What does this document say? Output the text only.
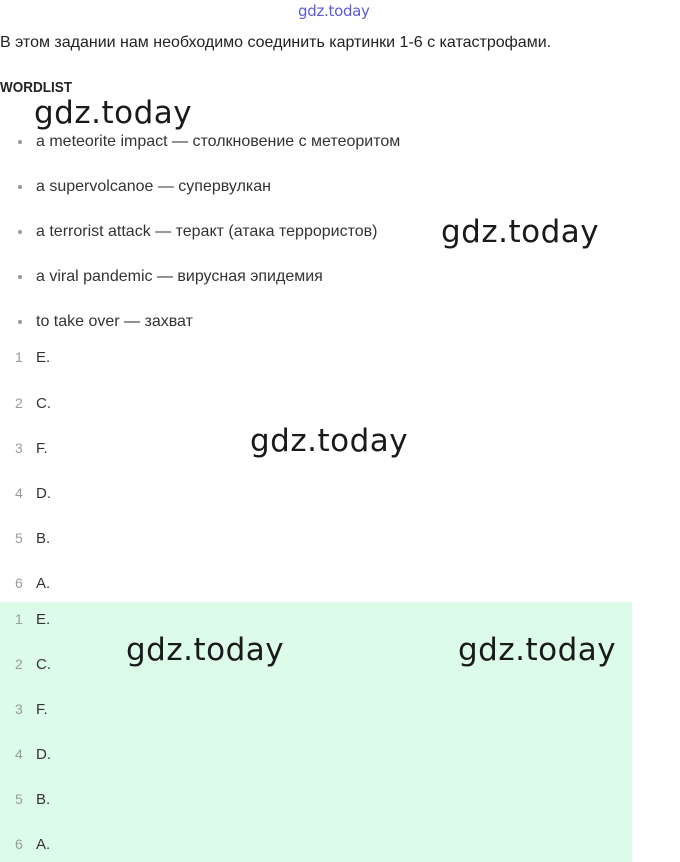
gdz.today
В этом задании нам необходимо соединить картинки 1-6 с катастрофами.
WORDLIST
a meteorite impact — столкновение с метеоритом
a supervolcanoe — супервулкан
a terrorist attack — теракт (атака террористов)
a viral pandemic — вирусная эпидемия
to take over — захват
1 E.
2 C.
3 F.
4 D.
5 B.
6 A.
1 E.
2 C.
3 F.
4 D.
5 B.
6 A.
gdz.today
gdz.today
gdz.today
gdz.today	gdz.today
